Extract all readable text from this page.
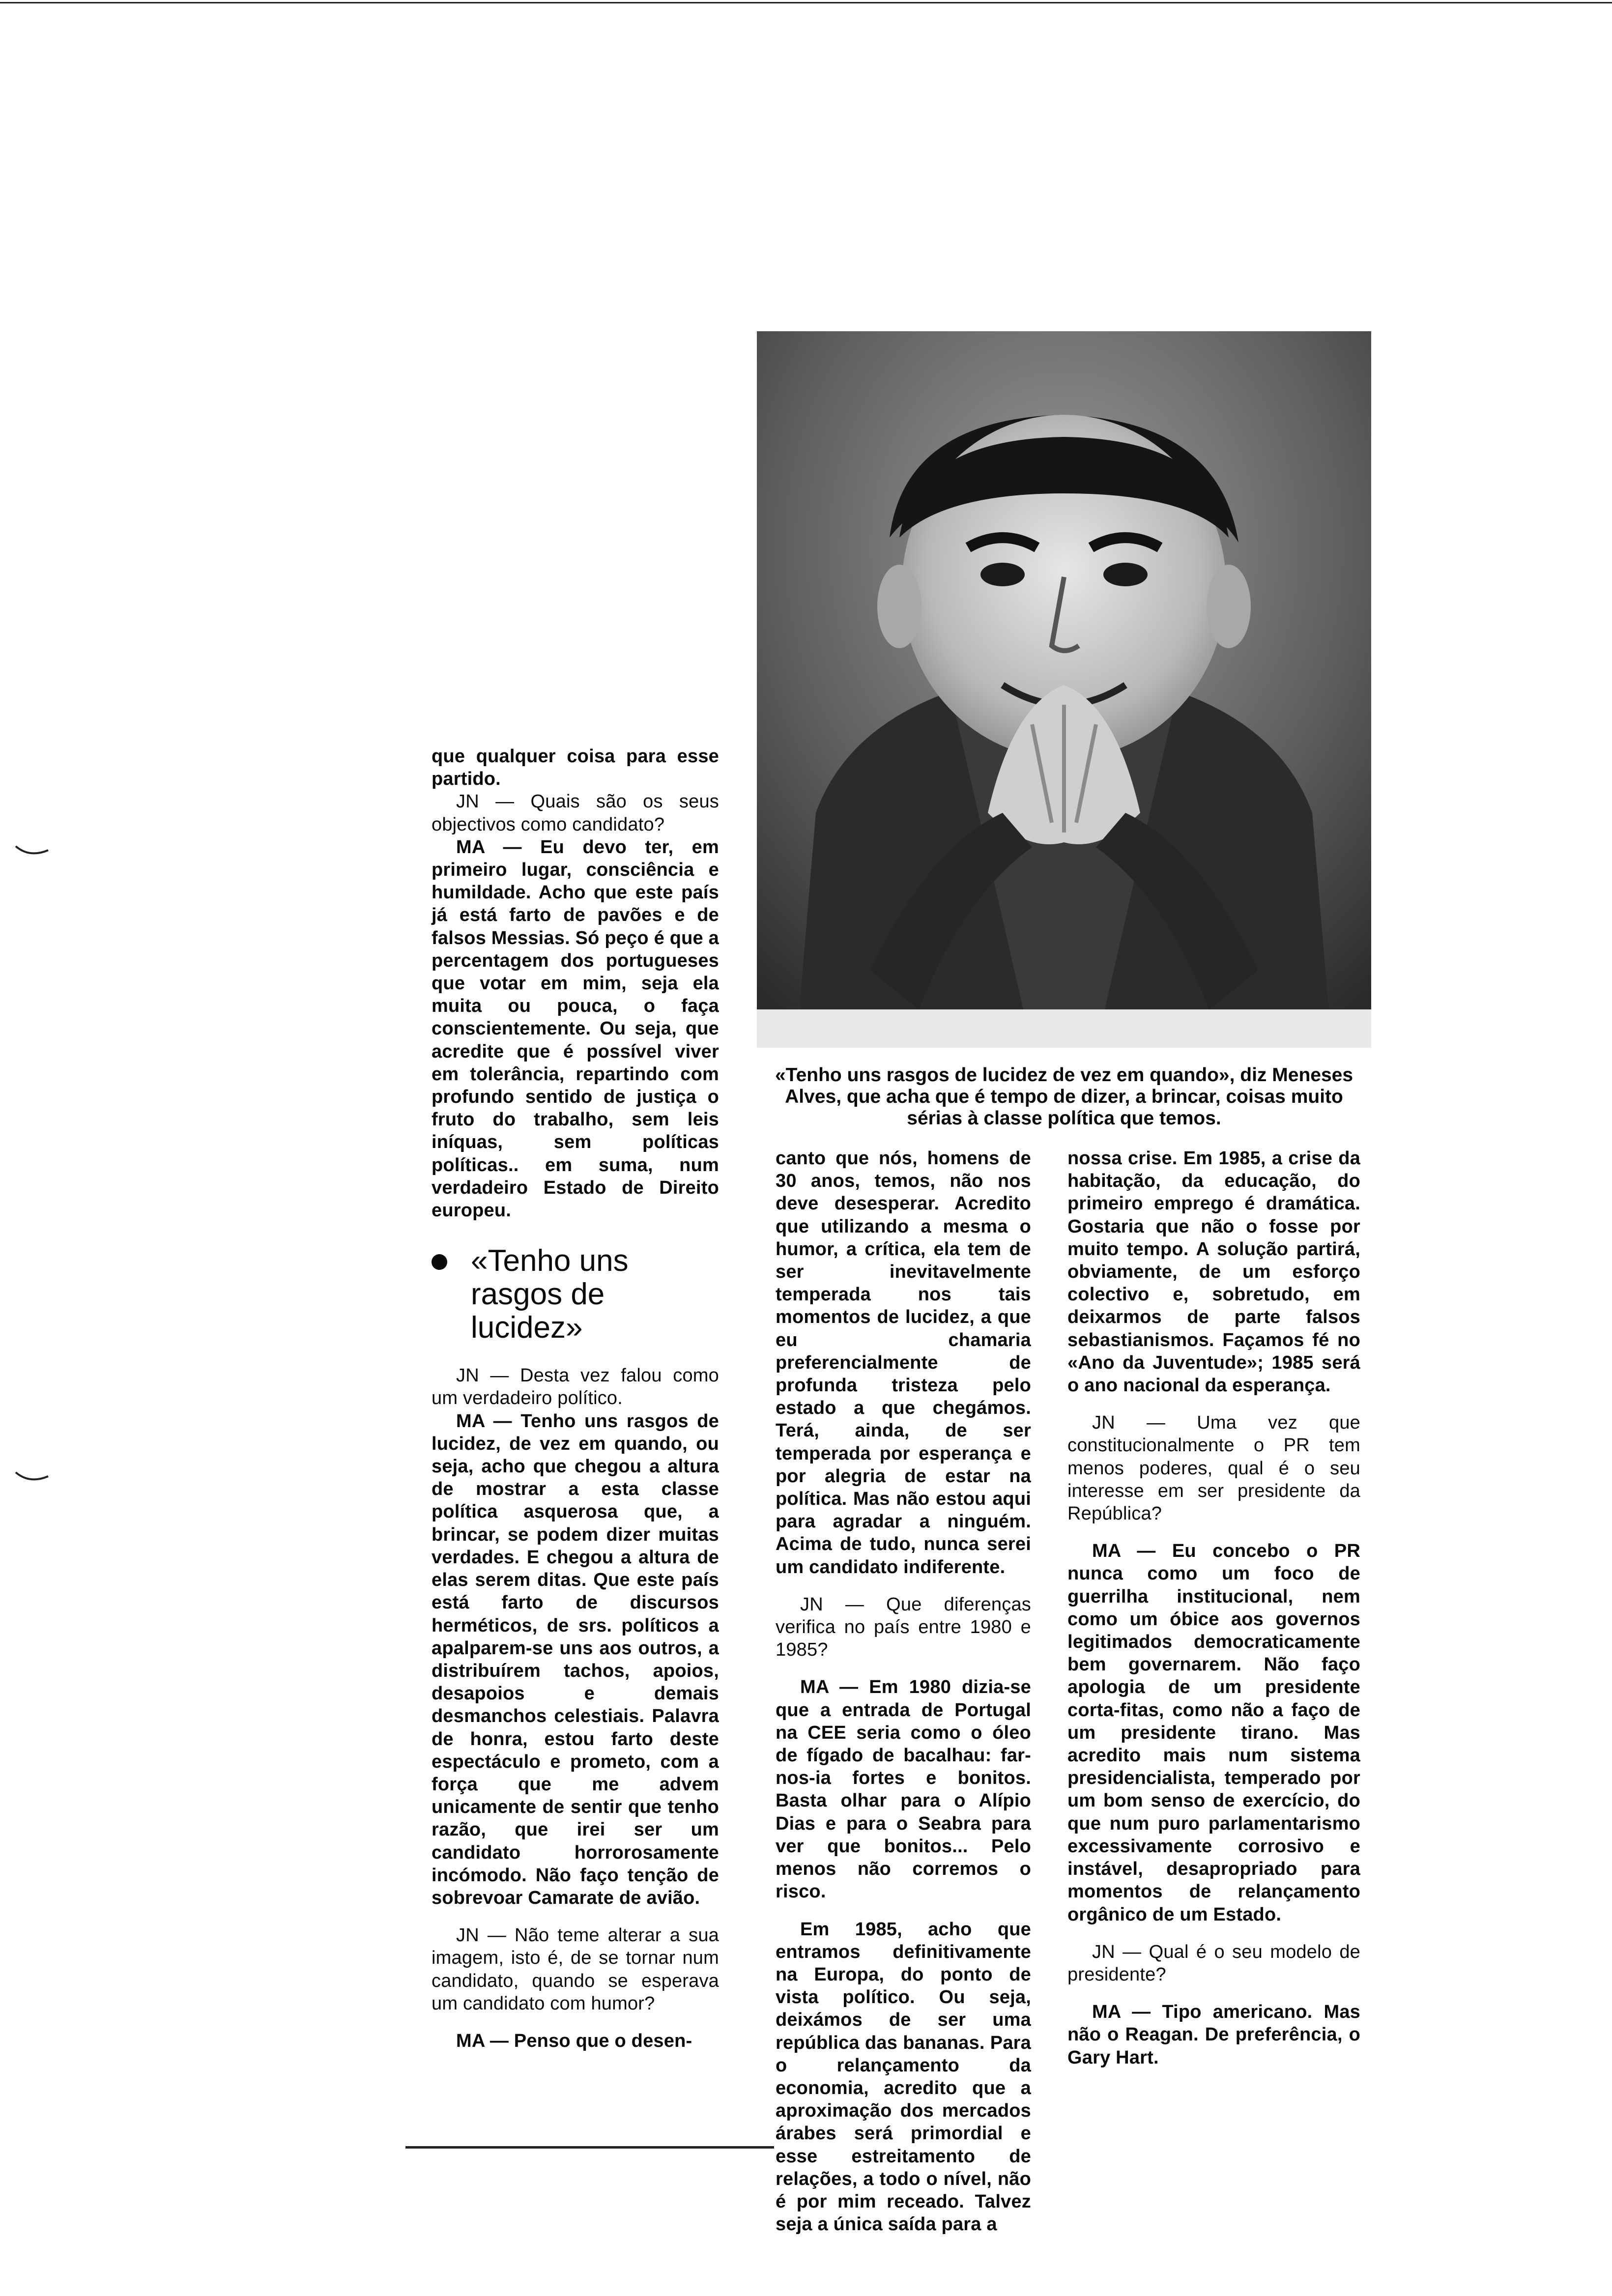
«Tenho uns rasgos de lucidez de vez em quando», diz Meneses Alves, que acha que é tempo de dizer, a brincar, coisas muito sérias à classe política que temos.

que qualquer coisa para esse partido.

JN — Quais são os seus objectivos como candidato?

MA — Eu devo ter, em primeiro lugar, consciência e humildade. Acho que este país já está farto de pavões e de falsos Messias. Só peço é que a percentagem dos portugueses que votar em mim, seja ela muita ou pouca, o faça conscientemente. Ou seja, que acredite que é possível viver em tolerância, repartindo com profundo sentido de justiça o fruto do trabalho, sem leis iníquas, sem políticas políticas.. em suma, num verdadeiro Estado de Direito europeu.

«Tenho uns rasgos de lucidez»

JN — Desta vez falou como um verdadeiro político.

MA — Tenho uns rasgos de lucidez, de vez em quando, ou seja, acho que chegou a altura de mostrar a esta classe política asquerosa que, a brincar, se podem dizer muitas verdades. E chegou a altura de elas serem ditas. Que este país está farto de discursos herméticos, de srs. políticos a apalparem-se uns aos outros, a distribuírem tachos, apoios, desapoios e demais desmanchos celestiais. Palavra de honra, estou farto deste espectáculo e prometo, com a força que me advem unicamente de sentir que tenho razão, que irei ser um candidato horrorosamente incómodo. Não faço tenção de sobrevoar Camarate de avião.

JN — Não teme alterar a sua imagem, isto é, de se tornar num candidato, quando se esperava um candidato com humor?

MA — Penso que o desen-

canto que nós, homens de 30 anos, temos, não nos deve desesperar. Acredito que utilizando a mesma o humor, a crítica, ela tem de ser inevitavelmente temperada nos tais momentos de lucidez, a que eu chamaria preferencialmente de profunda tristeza pelo estado a que chegámos. Terá, ainda, de ser temperada por esperança e por alegria de estar na política. Mas não estou aqui para agradar a ninguém. Acima de tudo, nunca serei um candidato indiferente.

JN — Que diferenças verifica no país entre 1980 e 1985?

MA — Em 1980 dizia-se que a entrada de Portugal na CEE seria como o óleo de fígado de bacalhau: far-nos-ia fortes e bonitos. Basta olhar para o Alípio Dias e para o Seabra para ver que bonitos... Pelo menos não corremos o risco.

Em 1985, acho que entramos definitivamente na Europa, do ponto de vista político. Ou seja, deixámos de ser uma república das bananas. Para o relançamento da economia, acredito que a aproximação dos mercados árabes será primordial e esse estreitamento de relações, a todo o nível, não é por mim receado. Talvez seja a única saída para a

nossa crise. Em 1985, a crise da habitação, da educação, do primeiro emprego é dramática. Gostaria que não o fosse por muito tempo. A solução partirá, obviamente, de um esforço colectivo e, sobretudo, em deixarmos de parte falsos sebastianismos. Façamos fé no «Ano da Juventude»; 1985 será o ano nacional da esperança.

JN — Uma vez que constitucionalmente o PR tem menos poderes, qual é o seu interesse em ser presidente da República?

MA — Eu concebo o PR nunca como um foco de guerrilha institucional, nem como um óbice aos governos legitimados democraticamente bem governarem. Não faço apologia de um presidente corta-fitas, como não a faço de um presidente tirano. Mas acredito mais num sistema presidencialista, temperado por um bom senso de exercício, do que num puro parlamentarismo excessivamente corrosivo e instável, desapropriado para momentos de relançamento orgânico de um Estado.

JN — Qual é o seu modelo de presidente?

MA — Tipo americano. Mas não o Reagan. De preferência, o Gary Hart.
